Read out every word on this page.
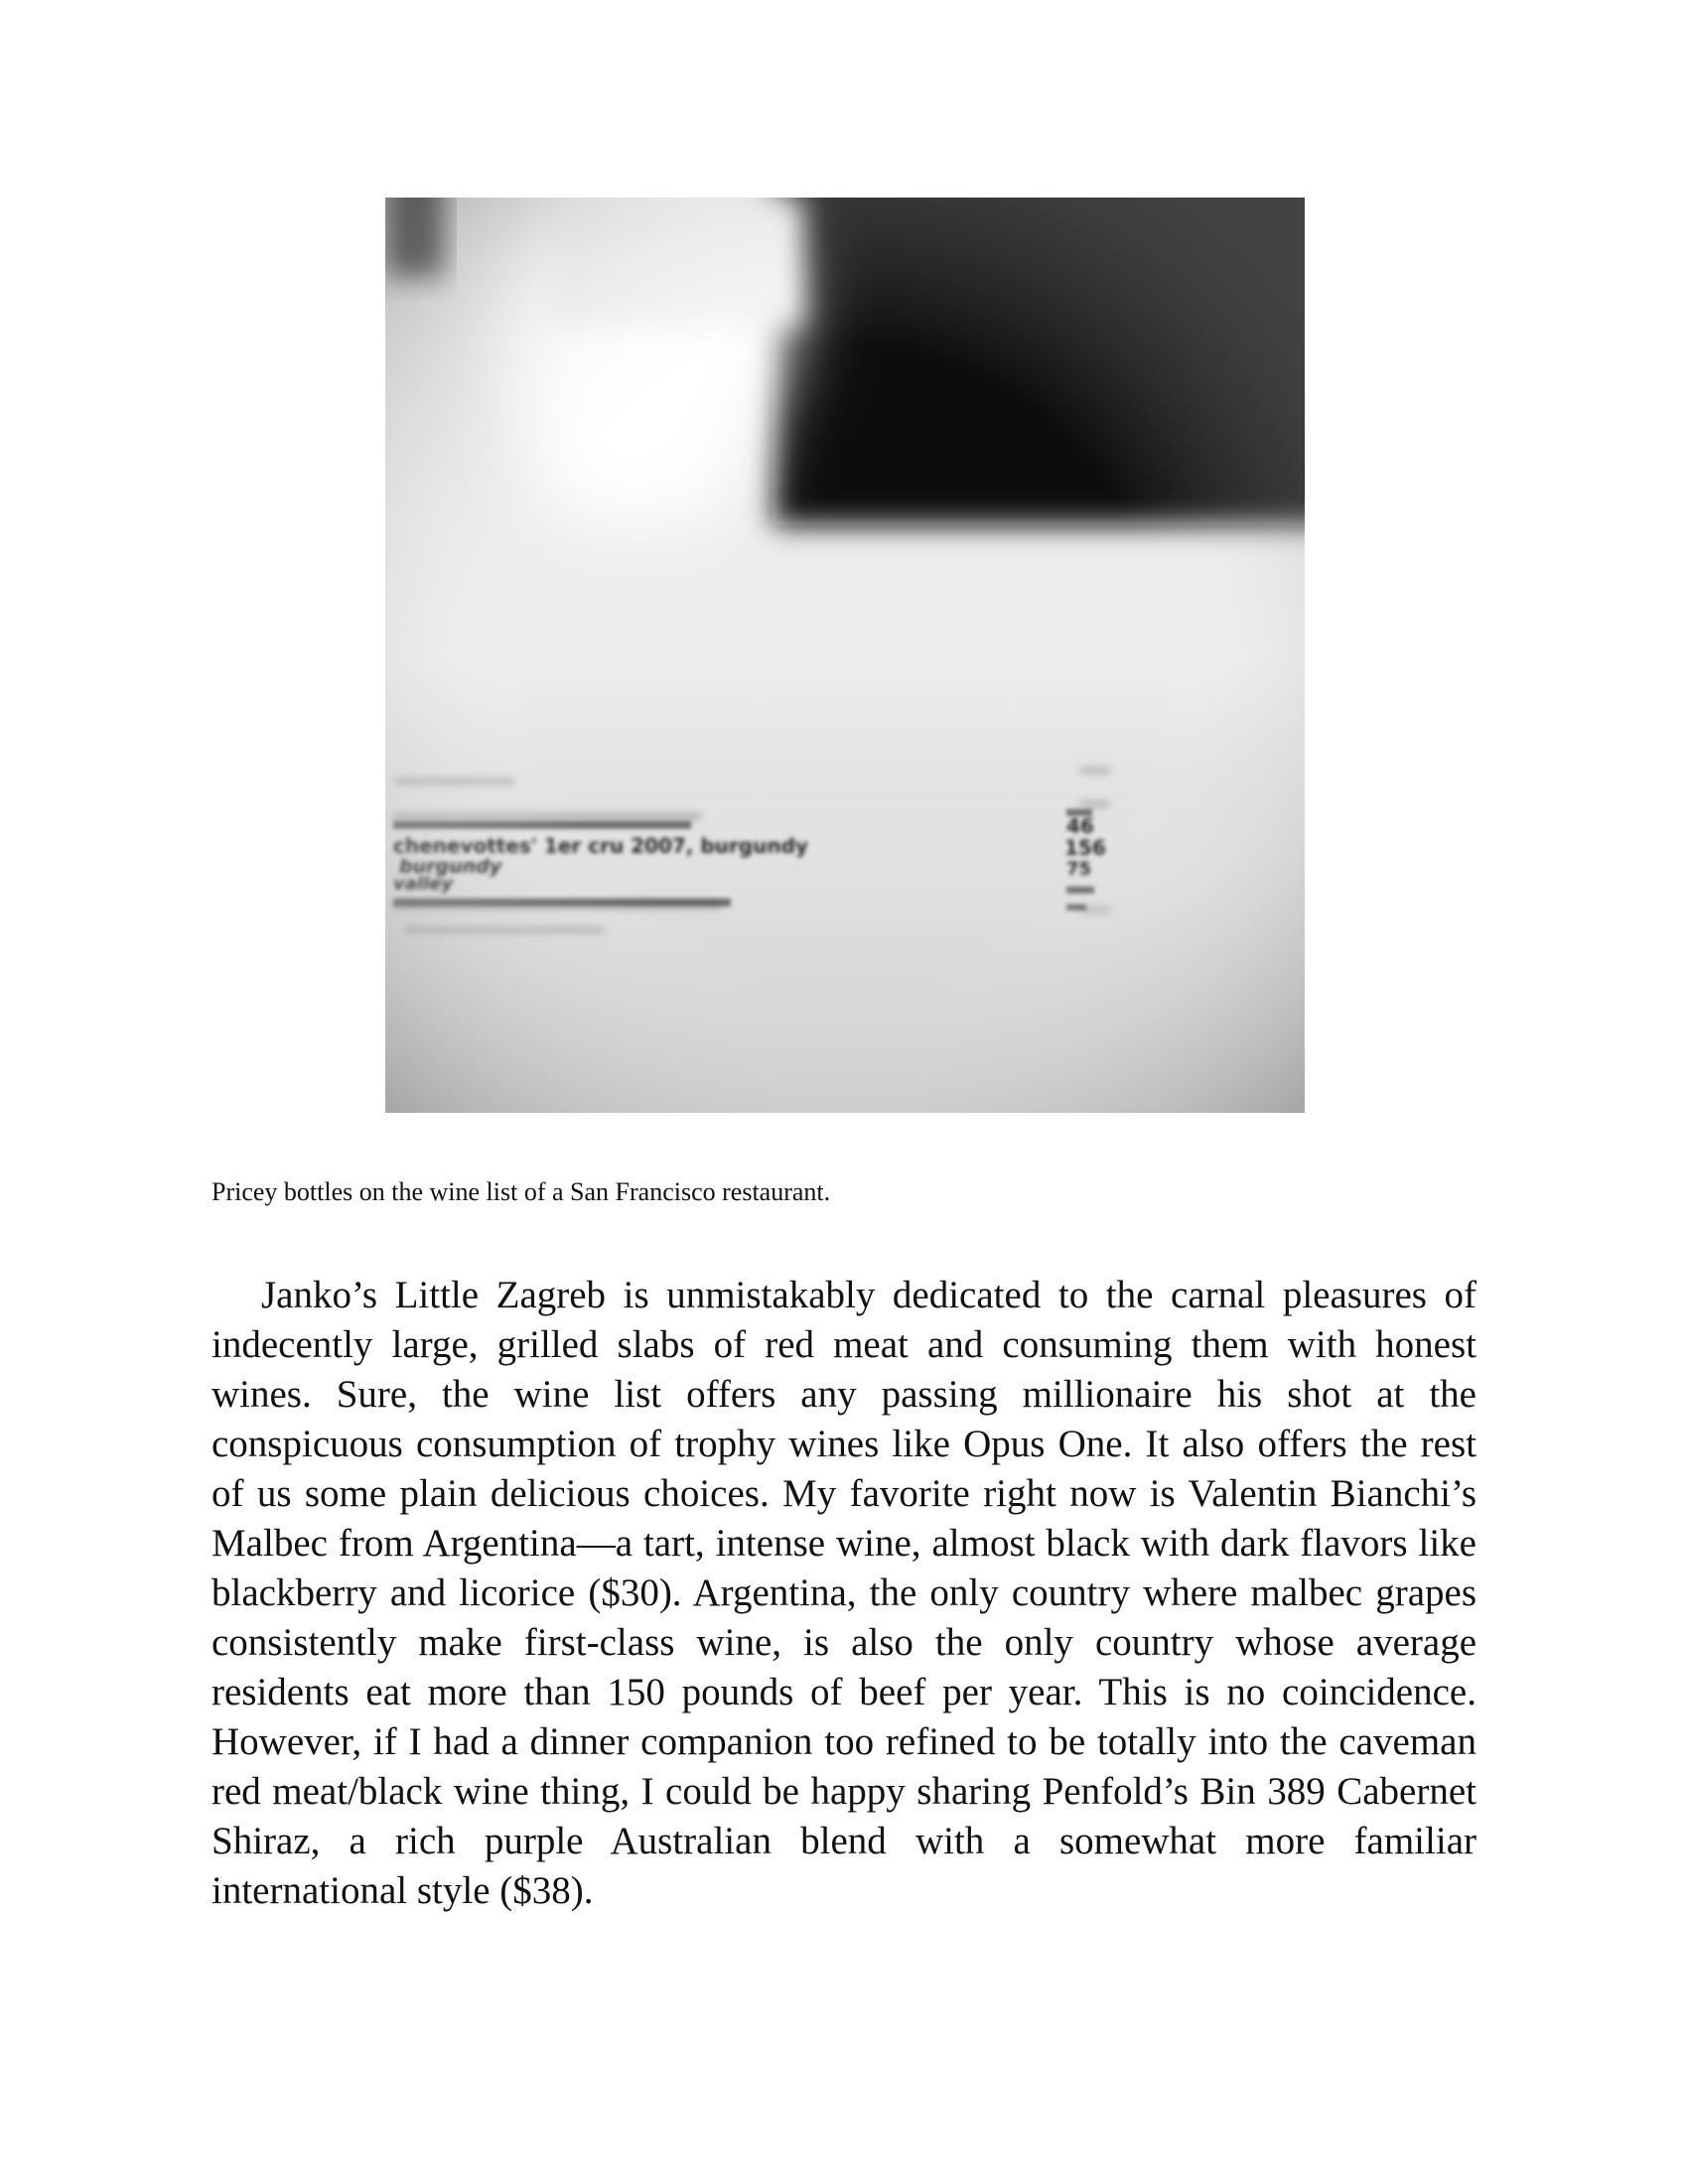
Pricey bottles on the wine list of a San Francisco restaurant.

Janko’s Little Zagreb is unmistakably dedicated to the carnal pleasures of indecently large, grilled slabs of red meat and consuming them with honest wines. Sure, the wine list offers any passing millionaire his shot at the conspicuous consumption of trophy wines like Opus One. It also offers the rest of us some plain delicious choices. My favorite right now is Valentin Bianchi’s Malbec from Argentina—a tart, intense wine, almost black with dark flavors like blackberry and licorice ($30). Argentina, the only country where malbec grapes consistently make first-class wine, is also the only country whose average residents eat more than 150 pounds of beef per year. This is no coincidence. However, if I had a dinner companion too refined to be totally into the caveman red meat/black wine thing, I could be happy sharing Penfold’s Bin 389 Cabernet Shiraz, a rich purple Australian blend with a somewhat more familiar international style ($38).
